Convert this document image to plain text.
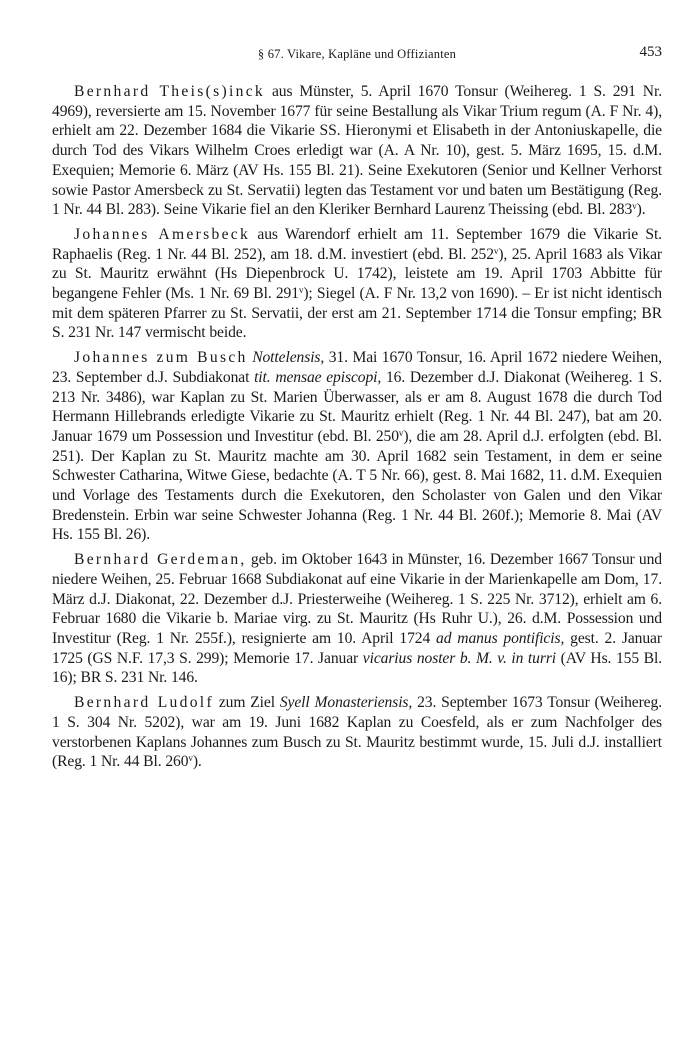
§ 67. Vikare, Kapläne und Offizianten	453

Bernhard Theis(s)inck aus Münster, 5. April 1670 Tonsur (Weihereg. 1 S. 291 Nr. 4969), reversierte am 15. November 1677 für seine Bestallung als Vikar Trium regum (A. F Nr. 4), erhielt am 22. Dezember 1684 die Vikarie SS. Hieronymi et Elisabeth in der Antoniuskapelle, die durch Tod des Vikars Wilhelm Croes erledigt war (A. A Nr. 10), gest. 5. März 1695, 15. d.M. Exequien; Memorie 6. März (AV Hs. 155 Bl. 21). Seine Exekutoren (Senior und Kellner Verhorst sowie Pastor Amersbeck zu St. Servatii) legten das Testament vor und baten um Bestätigung (Reg. 1 Nr. 44 Bl. 283). Seine Vikarie fiel an den Kleriker Bernhard Laurenz Theissing (ebd. Bl. 283$^v$).

Johannes Amersbeck aus Warendorf erhielt am 11. September 1679 die Vikarie St. Raphaelis (Reg. 1 Nr. 44 Bl. 252), am 18. d.M. investiert (ebd. Bl. 252$^v$), 25. April 1683 als Vikar zu St. Mauritz erwähnt (Hs Diepenbrock U. 1742), leistete am 19. April 1703 Abbitte für begangene Fehler (Ms. 1 Nr. 69 Bl. 291$^v$); Siegel (A. F Nr. 13,2 von 1690). – Er ist nicht identisch mit dem späteren Pfarrer zu St. Servatii, der erst am 21. September 1714 die Tonsur empfing; BR S. 231 Nr. 147 vermischt beide.

Johannes zum Busch Nottelensis, 31. Mai 1670 Tonsur, 16. April 1672 niedere Weihen, 23. September d.J. Subdiakonat tit. mensae episcopi, 16. Dezember d.J. Diakonat (Weihereg. 1 S. 213 Nr. 3486), war Kaplan zu St. Marien Überwasser, als er am 8. August 1678 die durch Tod Hermann Hillebrands erledigte Vikarie zu St. Mauritz erhielt (Reg. 1 Nr. 44 Bl. 247), bat am 20. Januar 1679 um Possession und Investitur (ebd. Bl. 250$^v$), die am 28. April d.J. erfolgten (ebd. Bl. 251). Der Kaplan zu St. Mauritz machte am 30. April 1682 sein Testament, in dem er seine Schwester Catharina, Witwe Giese, bedachte (A. T 5 Nr. 66), gest. 8. Mai 1682, 11. d.M. Exequien und Vorlage des Testaments durch die Exekutoren, den Scholaster von Galen und den Vikar Bredenstein. Erbin war seine Schwester Johanna (Reg. 1 Nr. 44 Bl. 260f.); Memorie 8. Mai (AV Hs. 155 Bl. 26).

Bernhard Gerdeman, geb. im Oktober 1643 in Münster, 16. Dezember 1667 Tonsur und niedere Weihen, 25. Februar 1668 Subdiakonat auf eine Vikarie in der Marienkapelle am Dom, 17. März d.J. Diakonat, 22. Dezember d.J. Priesterweihe (Weihereg. 1 S. 225 Nr. 3712), erhielt am 6. Februar 1680 die Vikarie b. Mariae virg. zu St. Mauritz (Hs Ruhr U.), 26. d.M. Possession und Investitur (Reg. 1 Nr. 255f.), resignierte am 10. April 1724 ad manus pontificis, gest. 2. Januar 1725 (GS N.F. 17,3 S. 299); Memorie 17. Januar vicarius noster b. M. v. in turri (AV Hs. 155 Bl. 16); BR S. 231 Nr. 146.

Bernhard Ludolf zum Ziel Syell Monasteriensis, 23. September 1673 Tonsur (Weihereg. 1 S. 304 Nr. 5202), war am 19. Juni 1682 Kaplan zu Coesfeld, als er zum Nachfolger des verstorbenen Kaplans Johannes zum Busch zu St. Mauritz bestimmt wurde, 15. Juli d.J. installiert (Reg. 1 Nr. 44 Bl. 260$^v$).
